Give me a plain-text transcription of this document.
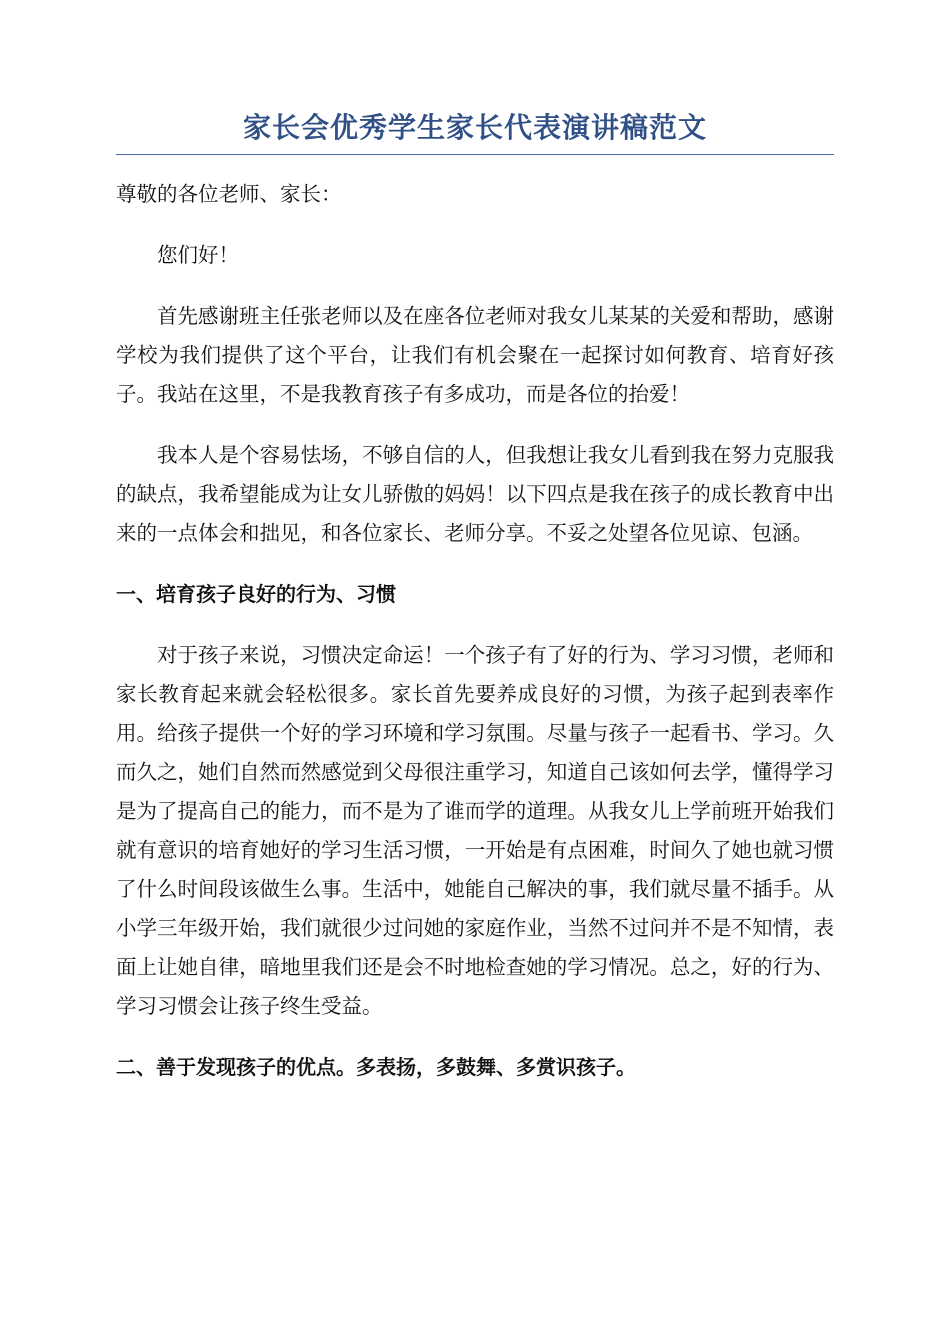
家长会优秀学生家长代表演讲稿范文

尊敬的各位老师、家长：

您们好！

首先感谢班主任张老师以及在座各位老师对我女儿某某的关爱和帮助，感谢学校为我们提供了这个平台，让我们有机会聚在一起探讨如何教育、培育好孩子。我站在这里，不是我教育孩子有多成功，而是各位的抬爱！

我本人是个容易怯场，不够自信的人，但我想让我女儿看到我在努力克服我的缺点，我希望能成为让女儿骄傲的妈妈！以下四点是我在孩子的成长教育中出来的一点体会和拙见，和各位家长、老师分享。不妥之处望各位见谅、包涵。

一、培育孩子良好的行为、习惯

对于孩子来说，习惯决定命运！一个孩子有了好的行为、学习习惯，老师和家长教育起来就会轻松很多。家长首先要养成良好的习惯，为孩子起到表率作用。给孩子提供一个好的学习环境和学习氛围。尽量与孩子一起看书、学习。久而久之，她们自然而然感觉到父母很注重学习，知道自己该如何去学，懂得学习是为了提高自己的能力，而不是为了谁而学的道理。从我女儿上学前班开始我们就有意识的培育她好的学习生活习惯，一开始是有点困难，时间久了她也就习惯了什么时间段该做生么事。生活中，她能自己解决的事，我们就尽量不插手。从小学三年级开始，我们就很少过问她的家庭作业，当然不过问并不是不知情，表面上让她自律，暗地里我们还是会不时地检查她的学习情况。总之，好的行为、学习习惯会让孩子终生受益。

二、善于发现孩子的优点。多表扬，多鼓舞、多赏识孩子。
